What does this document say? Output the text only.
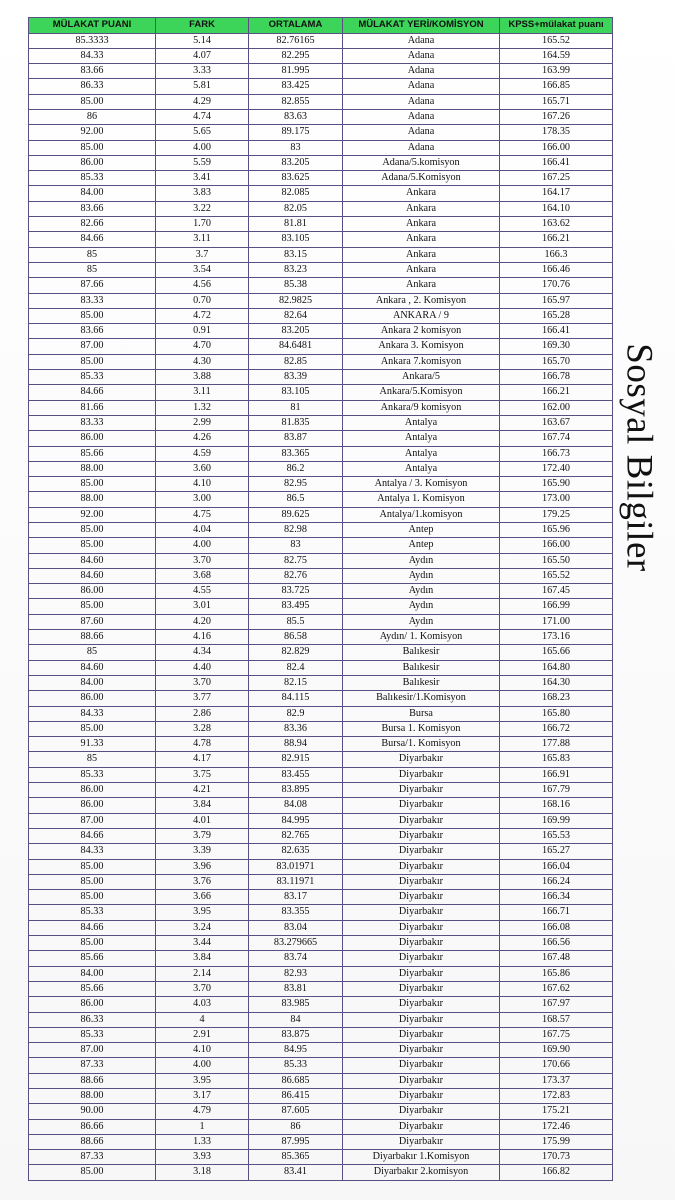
MÜLAKAT PUANI	FARK	ORTALAMA	MÜLAKAT YERİ/KOMİSYON	KPSS+mülakat puanı
85.3333	5.14	82.76165	Adana	165.52
84.33	4.07	82.295	Adana	164.59
83.66	3.33	81.995	Adana	163.99
86.33	5.81	83.425	Adana	166.85
85.00	4.29	82.855	Adana	165.71
86	4.74	83.63	Adana	167.26
92.00	5.65	89.175	Adana	178.35
85.00	4.00	83	Adana	166.00
86.00	5.59	83.205	Adana/5.komisyon	166.41
85.33	3.41	83.625	Adana/5.Komisyon	167.25
84.00	3.83	82.085	Ankara	164.17
83.66	3.22	82.05	Ankara	164.10
82.66	1.70	81.81	Ankara	163.62
84.66	3.11	83.105	Ankara	166.21
85	3.7	83.15	Ankara	166.3
85	3.54	83.23	Ankara	166.46
87.66	4.56	85.38	Ankara	170.76
83.33	0.70	82.9825	Ankara , 2. Komisyon	165.97
85.00	4.72	82.64	ANKARA / 9	165.28
83.66	0.91	83.205	Ankara 2 komisyon	166.41
87.00	4.70	84.6481	Ankara 3. Komisyon	169.30
85.00	4.30	82.85	Ankara 7.komisyon	165.70
85.33	3.88	83.39	Ankara/5	166.78
84.66	3.11	83.105	Ankara/5.Komisyon	166.21
81.66	1.32	81	Ankara/9 komisyon	162.00
83.33	2.99	81.835	Antalya	163.67
86.00	4.26	83.87	Antalya	167.74
85.66	4.59	83.365	Antalya	166.73
88.00	3.60	86.2	Antalya	172.40
85.00	4.10	82.95	Antalya / 3. Komisyon	165.90
88.00	3.00	86.5	Antalya 1. Komisyon	173.00
92.00	4.75	89.625	Antalya/1.komisyon	179.25
85.00	4.04	82.98	Antep	165.96
85.00	4.00	83	Antep	166.00
84.60	3.70	82.75	Aydın	165.50
84.60	3.68	82.76	Aydın	165.52
86.00	4.55	83.725	Aydın	167.45
85.00	3.01	83.495	Aydın	166.99
87.60	4.20	85.5	Aydın	171.00
88.66	4.16	86.58	Aydın/ 1. Komisyon	173.16
85	4.34	82.829	Balıkesir	165.66
84.60	4.40	82.4	Balıkesir	164.80
84.00	3.70	82.15	Balıkesir	164.30
86.00	3.77	84.115	Balıkesir/1.Komisyon	168.23
84.33	2.86	82.9	Bursa	165.80
85.00	3.28	83.36	Bursa 1. Komisyon	166.72
91.33	4.78	88.94	Bursa/1. Komisyon	177.88
85	4.17	82.915	Diyarbakır	165.83
85.33	3.75	83.455	Diyarbakır	166.91
86.00	4.21	83.895	Diyarbakır	167.79
86.00	3.84	84.08	Diyarbakır	168.16
87.00	4.01	84.995	Diyarbakır	169.99
84.66	3.79	82.765	Diyarbakır	165.53
84.33	3.39	82.635	Diyarbakır	165.27
85.00	3.96	83.01971	Diyarbakır	166.04
85.00	3.76	83.11971	Diyarbakır	166.24
85.00	3.66	83.17	Diyarbakır	166.34
85.33	3.95	83.355	Diyarbakır	166.71
84.66	3.24	83.04	Diyarbakır	166.08
85.00	3.44	83.279665	Diyarbakır	166.56
85.66	3.84	83.74	Diyarbakır	167.48
84.00	2.14	82.93	Diyarbakır	165.86
85.66	3.70	83.81	Diyarbakır	167.62
86.00	4.03	83.985	Diyarbakır	167.97
86.33	4	84	Diyarbakır	168.57
85.33	2.91	83.875	Diyarbakır	167.75
87.00	4.10	84.95	Diyarbakır	169.90
87.33	4.00	85.33	Diyarbakır	170.66
88.66	3.95	86.685	Diyarbakır	173.37
88.00	3.17	86.415	Diyarbakır	172.83
90.00	4.79	87.605	Diyarbakır	175.21
86.66	1	86	Diyarbakır	172.46
88.66	1.33	87.995	Diyarbakır	175.99
87.33	3.93	85.365	Diyarbakır 1.Komisyon	170.73
85.00	3.18	83.41	Diyarbakır 2.komisyon	166.82
Sosyal Bilgiler
